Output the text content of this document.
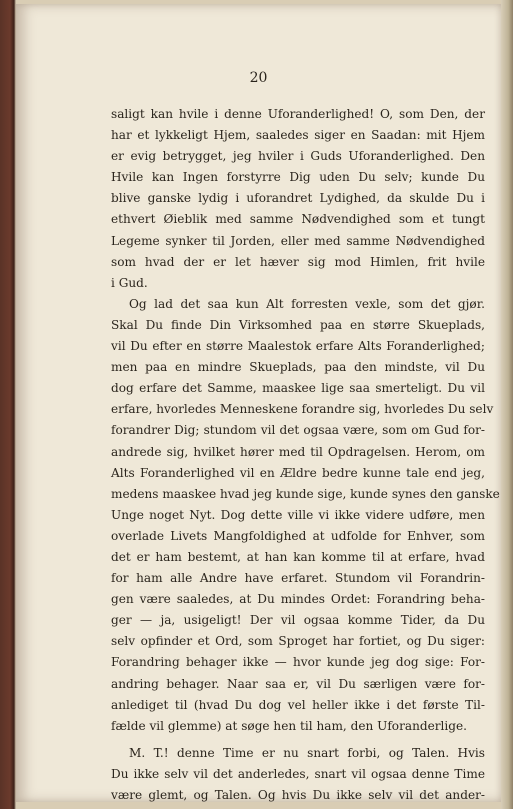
20
saligt kan hvile i denne Uforanderlighed! O, som Den, der
har et lykkeligt Hjem, saaledes siger en Saadan: mit Hjem
er evig betrygget, jeg hviler i Guds Uforanderlighed. Den
Hvile kan Ingen forstyrre Dig uden Du selv; kunde Du
blive ganske lydig i uforandret Lydighed, da skulde Du i
ethvert Øieblik med samme Nødvendighed som et tungt
Legeme synker til Jorden, eller med samme Nødvendighed
som hvad der er let hæver sig mod Himlen, frit hvile
i Gud.
Og lad det saa kun Alt forresten vexle, som det gjør.
Skal Du finde Din Virksomhed paa en større Skueplads,
vil Du efter en større Maalestok erfare Alts Foranderlighed;
men paa en mindre Skueplads, paa den mindste, vil Du
dog erfare det Samme, maaskee lige saa smerteligt. Du vil
erfare, hvorledes Menneskene forandre sig, hvorledes Du selv
forandrer Dig; stundom vil det ogsaa være, som om Gud for-
andrede sig, hvilket hører med til Opdragelsen. Herom, om
Alts Foranderlighed vil en Ældre bedre kunne tale end jeg,
medens maaskee hvad jeg kunde sige, kunde synes den ganske
Unge noget Nyt. Dog dette ville vi ikke videre udføre, men
overlade Livets Mangfoldighed at udfolde for Enhver, som
det er ham bestemt, at han kan komme til at erfare, hvad
for ham alle Andre have erfaret. Stundom vil Forandrin-
gen være saaledes, at Du mindes Ordet: Forandring beha-
ger — ja, usigeligt! Der vil ogsaa komme Tider, da Du
selv opfinder et Ord, som Sproget har fortiet, og Du siger:
Forandring behager ikke — hvor kunde jeg dog sige: For-
andring behager. Naar saa er, vil Du særligen være for-
anlediget til (hvad Du dog vel heller ikke i det første Til-
fælde vil glemme) at søge hen til ham, den Uforanderlige.
M. T.! denne Time er nu snart forbi, og Talen. Hvis
Du ikke selv vil det anderledes, snart vil ogsaa denne Time
være glemt, og Talen. Og hvis Du ikke selv vil det ander-
